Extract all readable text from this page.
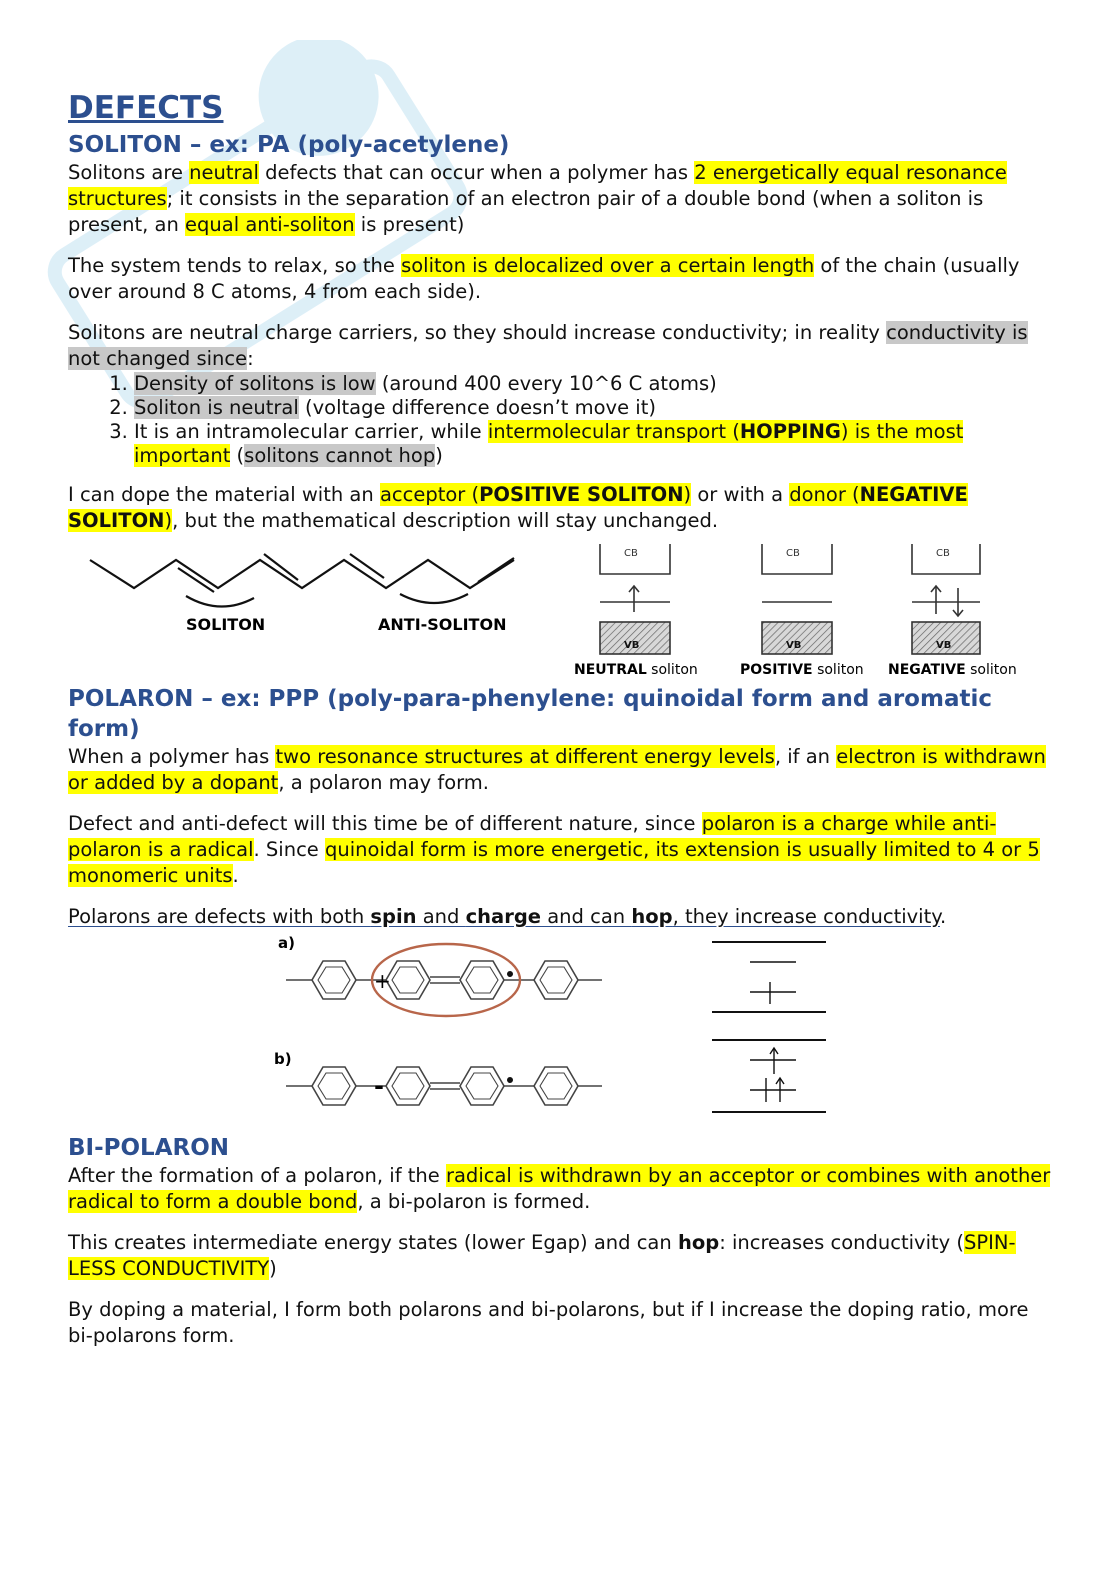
DEFECTS
SOLITON – ex: PA (poly-acetylene)

Solitons are neutral defects that can occur when a polymer has 2 energetically equal resonance structures; it consists in the separation of an electron pair of a double bond (when a soliton is present, an equal anti-soliton is present)

The system tends to relax, so the soliton is delocalized over a certain length of the chain (usually over around 8 C atoms, 4 from each side).

Solitons are neutral charge carriers, so they should increase conductivity; in reality conductivity is not changed since:

1. Density of solitons is low (around 400 every 10^6 C atoms)
2. Soliton is neutral (voltage difference doesn’t move it)
3. It is an intramolecular carrier, while intermolecular transport (HOPPING) is the most important (solitons cannot hop)

I can dope the material with an acceptor (POSITIVE SOLITON) or with a donor (NEGATIVE SOLITON), but the mathematical description will stay unchanged.

SOLITON	ANTI-SOLITON
CB
VB
NEUTRAL soliton
CB
VB
POSITIVE soliton
CB
VB
NEGATIVE soliton
POLARON – ex: PPP (poly-para-phenylene: quinoidal form and aromatic form)

When a polymer has two resonance structures at different energy levels, if an electron is withdrawn or added by a dopant, a polaron may form.

Defect and anti-defect will this time be of different nature, since polaron is a charge while anti-polaron is a radical. Since quinoidal form is more energetic, its extension is usually limited to 4 or 5 monomeric units.

Polarons are defects with both spin and charge and can hop, they increase conductivity.

a)
+
b)
-
BI-POLARON

After the formation of a polaron, if the radical is withdrawn by an acceptor or combines with another radical to form a double bond, a bi-polaron is formed.

This creates intermediate energy states (lower Egap) and can hop: increases conductivity (SPIN-LESS CONDUCTIVITY)

By doping a material, I form both polarons and bi-polarons, but if I increase the doping ratio, more bi-polarons form.
